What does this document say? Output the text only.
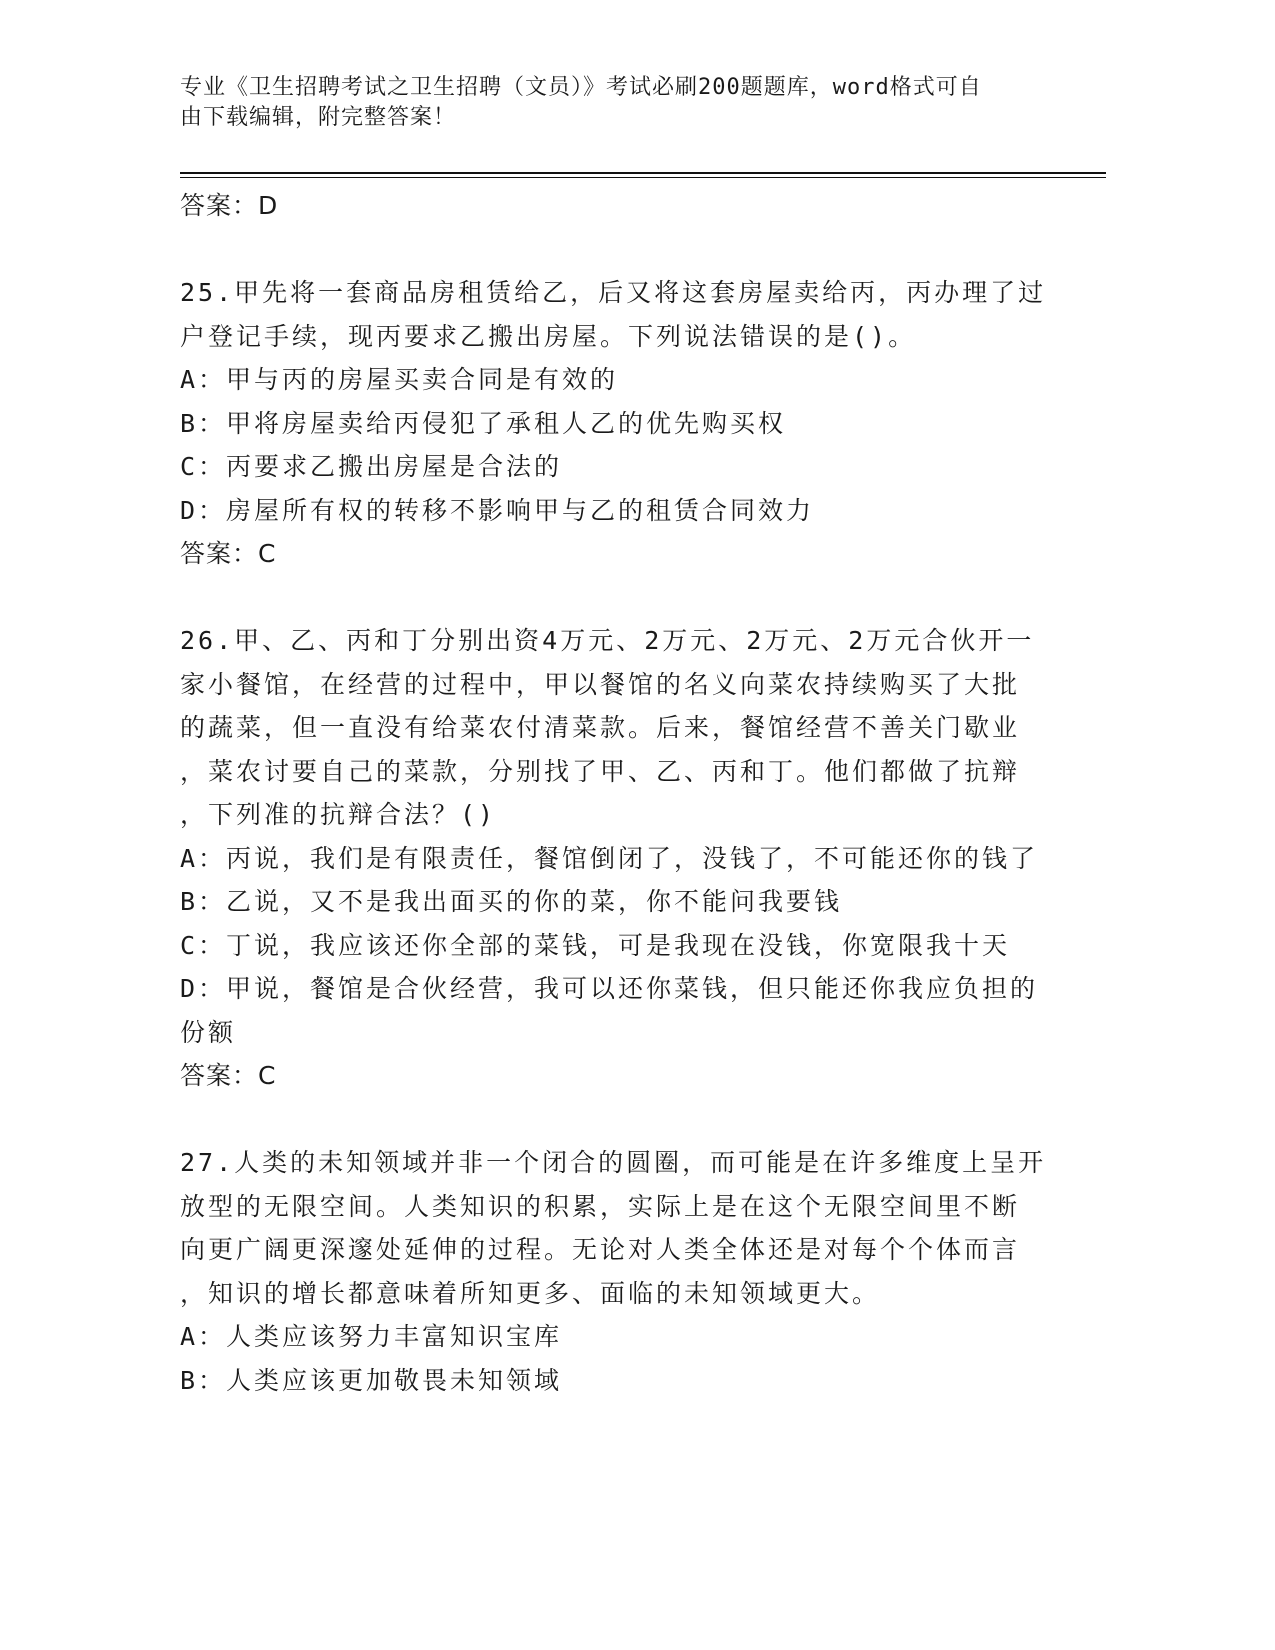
专业《卫生招聘考试之卫生招聘（文员）》考试必刷200题题库，word格式可自
由下载编辑，附完整答案！
答案：D
25.甲先将一套商品房租赁给乙，后又将这套房屋卖给丙，丙办理了过
户登记手续，现丙要求乙搬出房屋。下列说法错误的是()。
A：甲与丙的房屋买卖合同是有效的
B：甲将房屋卖给丙侵犯了承租人乙的优先购买权
C：丙要求乙搬出房屋是合法的
D：房屋所有权的转移不影响甲与乙的租赁合同效力
答案：C
26.甲、乙、丙和丁分别出资4万元、2万元、2万元、2万元合伙开一
家小餐馆，在经营的过程中，甲以餐馆的名义向菜农持续购买了大批
的蔬菜，但一直没有给菜农付清菜款。后来，餐馆经营不善关门歇业
，菜农讨要自己的菜款，分别找了甲、乙、丙和丁。他们都做了抗辩
，下列准的抗辩合法？()
A：丙说，我们是有限责任，餐馆倒闭了，没钱了，不可能还你的钱了
B：乙说，又不是我出面买的你的菜，你不能问我要钱
C：丁说，我应该还你全部的菜钱，可是我现在没钱，你宽限我十天
D：甲说，餐馆是合伙经营，我可以还你菜钱，但只能还你我应负担的
份额
答案：C
27.人类的未知领域并非一个闭合的圆圈，而可能是在许多维度上呈开
放型的无限空间。人类知识的积累，实际上是在这个无限空间里不断
向更广阔更深邃处延伸的过程。无论对人类全体还是对每个个体而言
，知识的增长都意味着所知更多、面临的未知领域更大。
A：人类应该努力丰富知识宝库
B：人类应该更加敬畏未知领域
